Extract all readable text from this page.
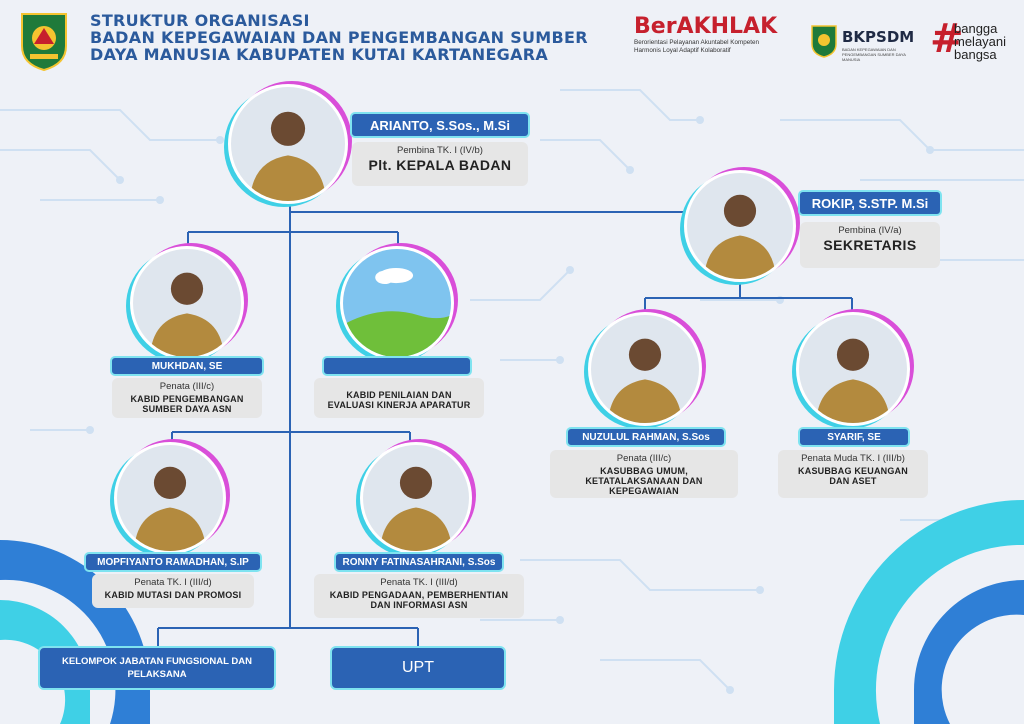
STRUKTUR ORGANISASI
BADAN KEPEGAWAIAN DAN PENGEMBANGAN SUMBER
DAYA MANUSIA KABUPATEN KUTAI KARTANEGARA
BerAKHLAK
Berorientasi Pelayanan Akuntabel Kompeten
Harmonis Loyal Adaptif Kolaboratif
BKPSDM
BADAN KEPEGAWAIAN DAN PENGEMBANGAN SUMBER DAYA MANUSIA	#
bangga
melayani
bangsa
ARIANTO, S.Sos., M.Si
Pembina TK. I (IV/b)
Plt. KEPALA BADAN
ROKIP, S.STP. M.Si
Pembina (IV/a)
SEKRETARIS
MUKHDAN, SE
Penata (III/c)
KABID PENGEMBANGAN
SUMBER DAYA ASN
KABID PENILAIAN DAN
EVALUASI KINERJA APARATUR
MOPFIYANTO RAMADHAN, S.IP
Penata TK. I (III/d)
KABID MUTASI DAN PROMOSI
RONNY FATINASAHRANI, S.Sos
Penata TK. I (III/d)
KABID PENGADAAN, PEMBERHENTIAN
DAN INFORMASI ASN
NUZULUL RAHMAN, S.Sos
Penata (III/c)
KASUBBAG UMUM,
KETATALAKSANAAN DAN
KEPEGAWAIAN
SYARIF, SE
Penata Muda TK. I (III/b)
KASUBBAG KEUANGAN
DAN ASET
KELOMPOK JABATAN FUNGSIONAL DAN
PELAKSANA	UPT
